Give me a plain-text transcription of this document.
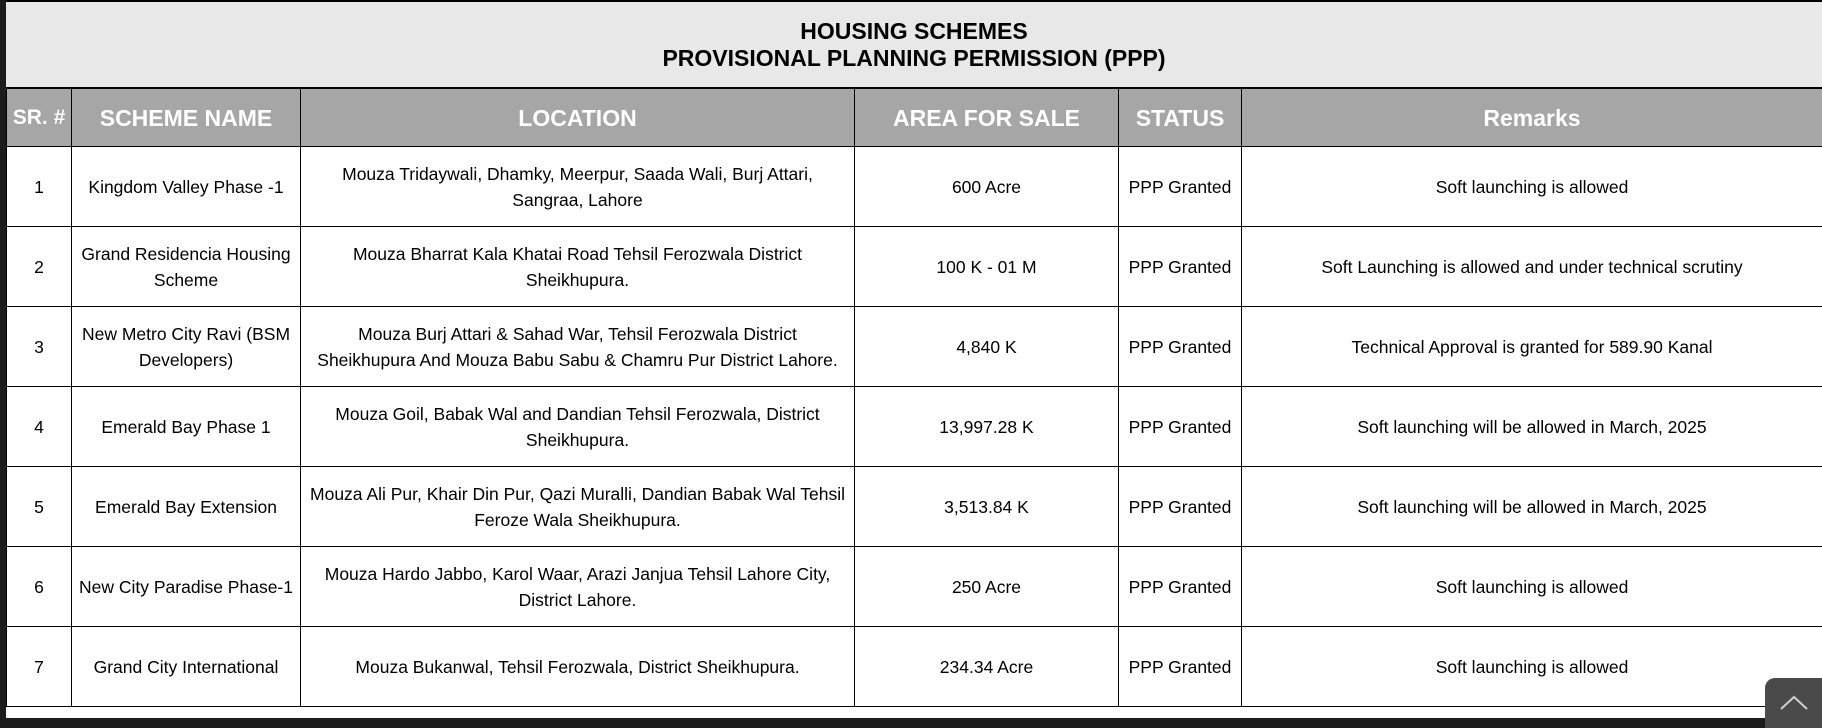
HOUSING SCHEMES
PROVISIONAL PLANNING PERMISSION (PPP)
SR. #	SCHEME NAME	LOCATION	AREA FOR SALE	STATUS	Remarks
1	Kingdom Valley Phase -1	Mouza Tridaywali, Dhamky, Meerpur, Saada Wali, Burj Attari, Sangraa, Lahore	600 Acre	PPP Granted	Soft launching is allowed
2	Grand Residencia Housing Scheme	Mouza Bharrat Kala Khatai Road Tehsil Ferozwala District Sheikhupura.	100 K - 01 M	PPP Granted	Soft Launching is allowed and under technical scrutiny
3	New Metro City Ravi (BSM Developers)	Mouza Burj Attari & Sahad War, Tehsil Ferozwala District Sheikhupura And Mouza Babu Sabu & Chamru Pur District Lahore.	4,840 K	PPP Granted	Technical Approval is granted for 589.90 Kanal
4	Emerald Bay Phase 1	Mouza Goil, Babak Wal and Dandian Tehsil Ferozwala, District Sheikhupura.	13,997.28 K	PPP Granted	Soft launching will be allowed in March, 2025
5	Emerald Bay Extension	Mouza Ali Pur, Khair Din Pur, Qazi Muralli, Dandian Babak Wal Tehsil Feroze Wala Sheikhupura.	3,513.84 K	PPP Granted	Soft launching will be allowed in March, 2025
6	New City Paradise Phase-1	Mouza Hardo Jabbo, Karol Waar, Arazi Janjua Tehsil Lahore City, District Lahore.	250 Acre	PPP Granted	Soft launching is allowed
7	Grand City International	Mouza Bukanwal, Tehsil Ferozwala, District Sheikhupura.	234.34 Acre	PPP Granted	Soft launching is allowed
